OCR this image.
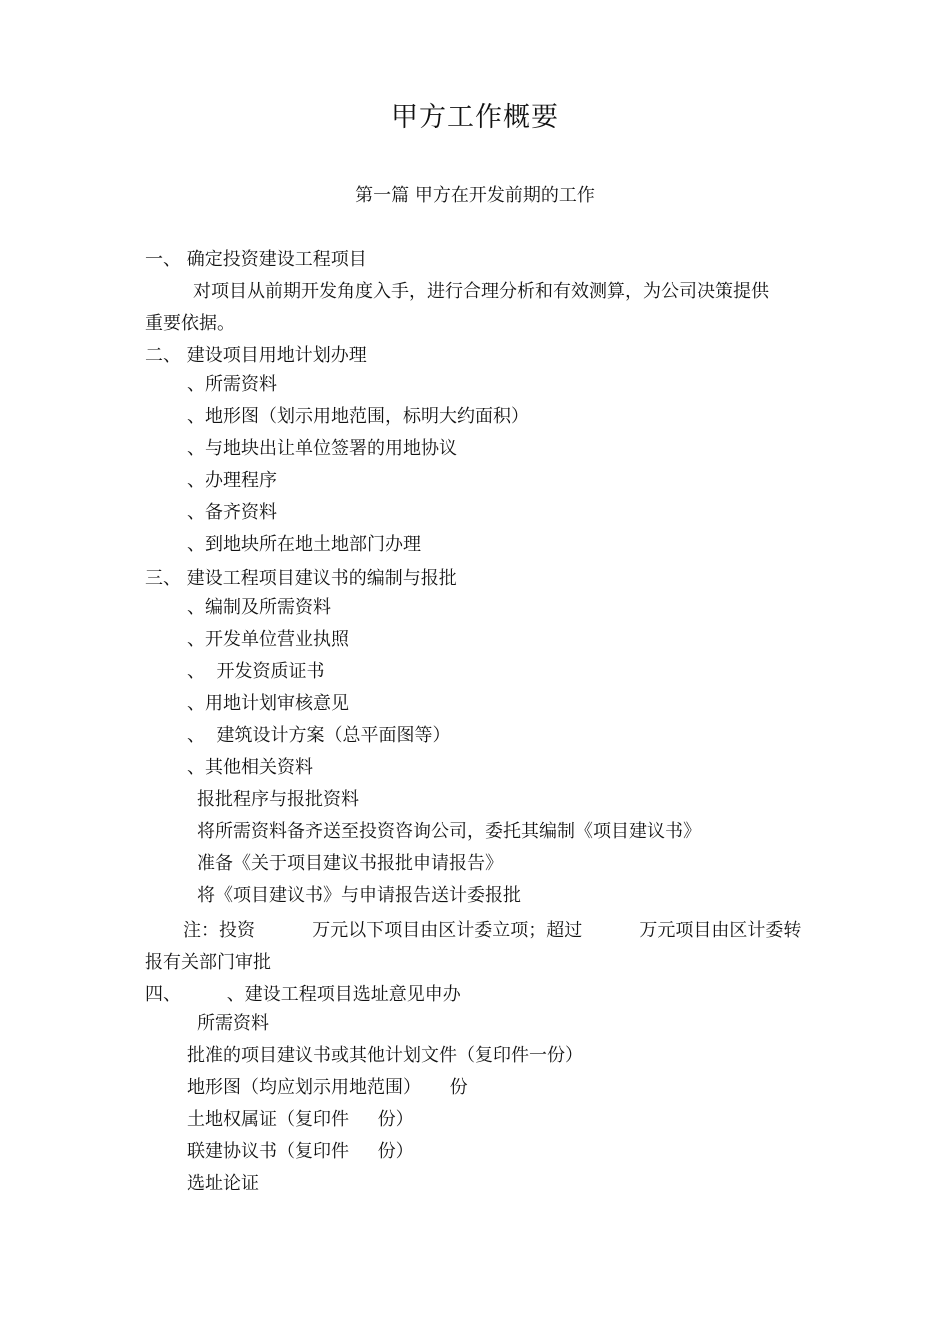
甲方工作概要
第一篇 甲方在开发前期的工作
一、 确定投资建设工程项目
对项目从前期开发角度入手，进行合理分析和有效测算，为公司决策提供
重要依据。
二、 建设项目用地计划办理
、所需资料
、地形图（划示用地范围，标明大约面积）
、与地块出让单位签署的用地协议
、办理程序
、备齐资料
、到地块所在地土地部门办理
三、 建设工程项目建议书的编制与报批
、编制及所需资料
、开发单位营业执照
、  开发资质证书
、用地计划审核意见
、  建筑设计方案（总平面图等）
、其他相关资料
报批程序与报批资料
将所需资料备齐送至投资咨询公司，委托其编制《项目建议书》
准备《关于项目建议书报批申请报告》
将《项目建议书》与申请报告送计委报批
注：投资          万元以下项目由区计委立项；超过          万元项目由区计委转
报有关部门审批
四、        、建设工程项目选址意见申办
所需资料
批准的项目建议书或其他计划文件（复印件一份）
地形图（均应划示用地范围）     份
土地权属证（复印件     份）
联建协议书（复印件     份）
选址论证
